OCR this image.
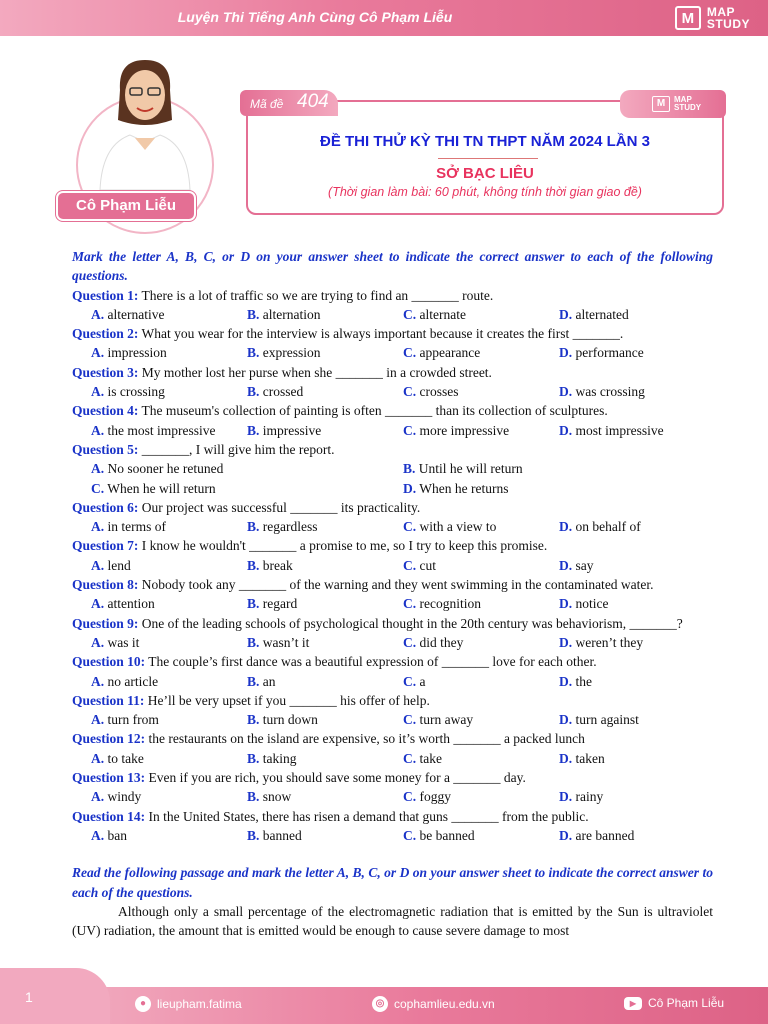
Luyện Thi Tiếng Anh Cùng Cô Phạm Liễu	M	MAP
STUDY
Cô Phạm Liễu
ĐỀ THI THỬ KỲ THI TN THPT NĂM 2024 LẦN 3
SỞ BẠC LIÊU
(Thời gian làm bài: 60 phút, không tính thời gian giao đề)
Mã đề 404	M	MAP
STUDY
Mark the letter A, B, C, or D on your answer sheet to indicate the correct answer to each of the following questions.
Question 1: There is a lot of traffic so we are trying to find an _______ route.
A. alternative	B. alternation	C. alternate	D. alternated
Question 2: What you wear for the interview is always important because it creates the first _______.
A. impression	B. expression	C. appearance	D. performance
Question 3: My mother lost her purse when she _______ in a crowded street.
A. is crossing	B. crossed	C. crosses	D. was crossing
Question 4: The museum's collection of painting is often _______ than its collection of sculptures.
A. the most impressive	B. impressive	C. more impressive	D. most impressive
Question 5: _______, I will give him the report.
A. No sooner he retuned	B. Until he will return
C. When he will return	D. When he returns
Question 6: Our project was successful _______ its practicality.
A. in terms of	B. regardless	C. with a view to	D. on behalf of
Question 7: I know he wouldn't _______ a promise to me, so I try to keep this promise.
A. lend	B. break	C. cut	D. say
Question 8: Nobody took any _______ of the warning and they went swimming in the contaminated water.
A. attention	B. regard	C. recognition	D. notice
Question 9: One of the leading schools of psychological thought in the 20th century was behaviorism, _______?
A. was it	B. wasn’t it	C. did they	D. weren’t they
Question 10: The couple’s first dance was a beautiful expression of _______ love for each other.
A. no article	B. an	C. a	D. the
Question 11: He’ll be very upset if you _______ his offer of help.
A. turn from	B. turn down	C. turn away	D. turn against
Question 12: the restaurants on the island are expensive, so it’s worth _______ a packed lunch
A. to take	B. taking	C. take	D. taken
Question 13: Even if you are rich, you should save some money for a _______ day.
A. windy	B. snow	C. foggy	D. rainy
Question 14: In the United States, there has risen a demand that guns _______ from the public.
A. ban	B. banned	C. be banned	D. are banned
Read the following passage and mark the letter A, B, C, or D on your answer sheet to indicate the correct answer to each of the questions.
Although only a small percentage of the electromagnetic radiation that is emitted by the Sun is ultraviolet (UV) radiation, the amount that is emitted would be enough to cause severe damage to most
1	● lieupham.fatima	◎ cophamlieu.edu.vn	▶ Cô Phạm Liễu
